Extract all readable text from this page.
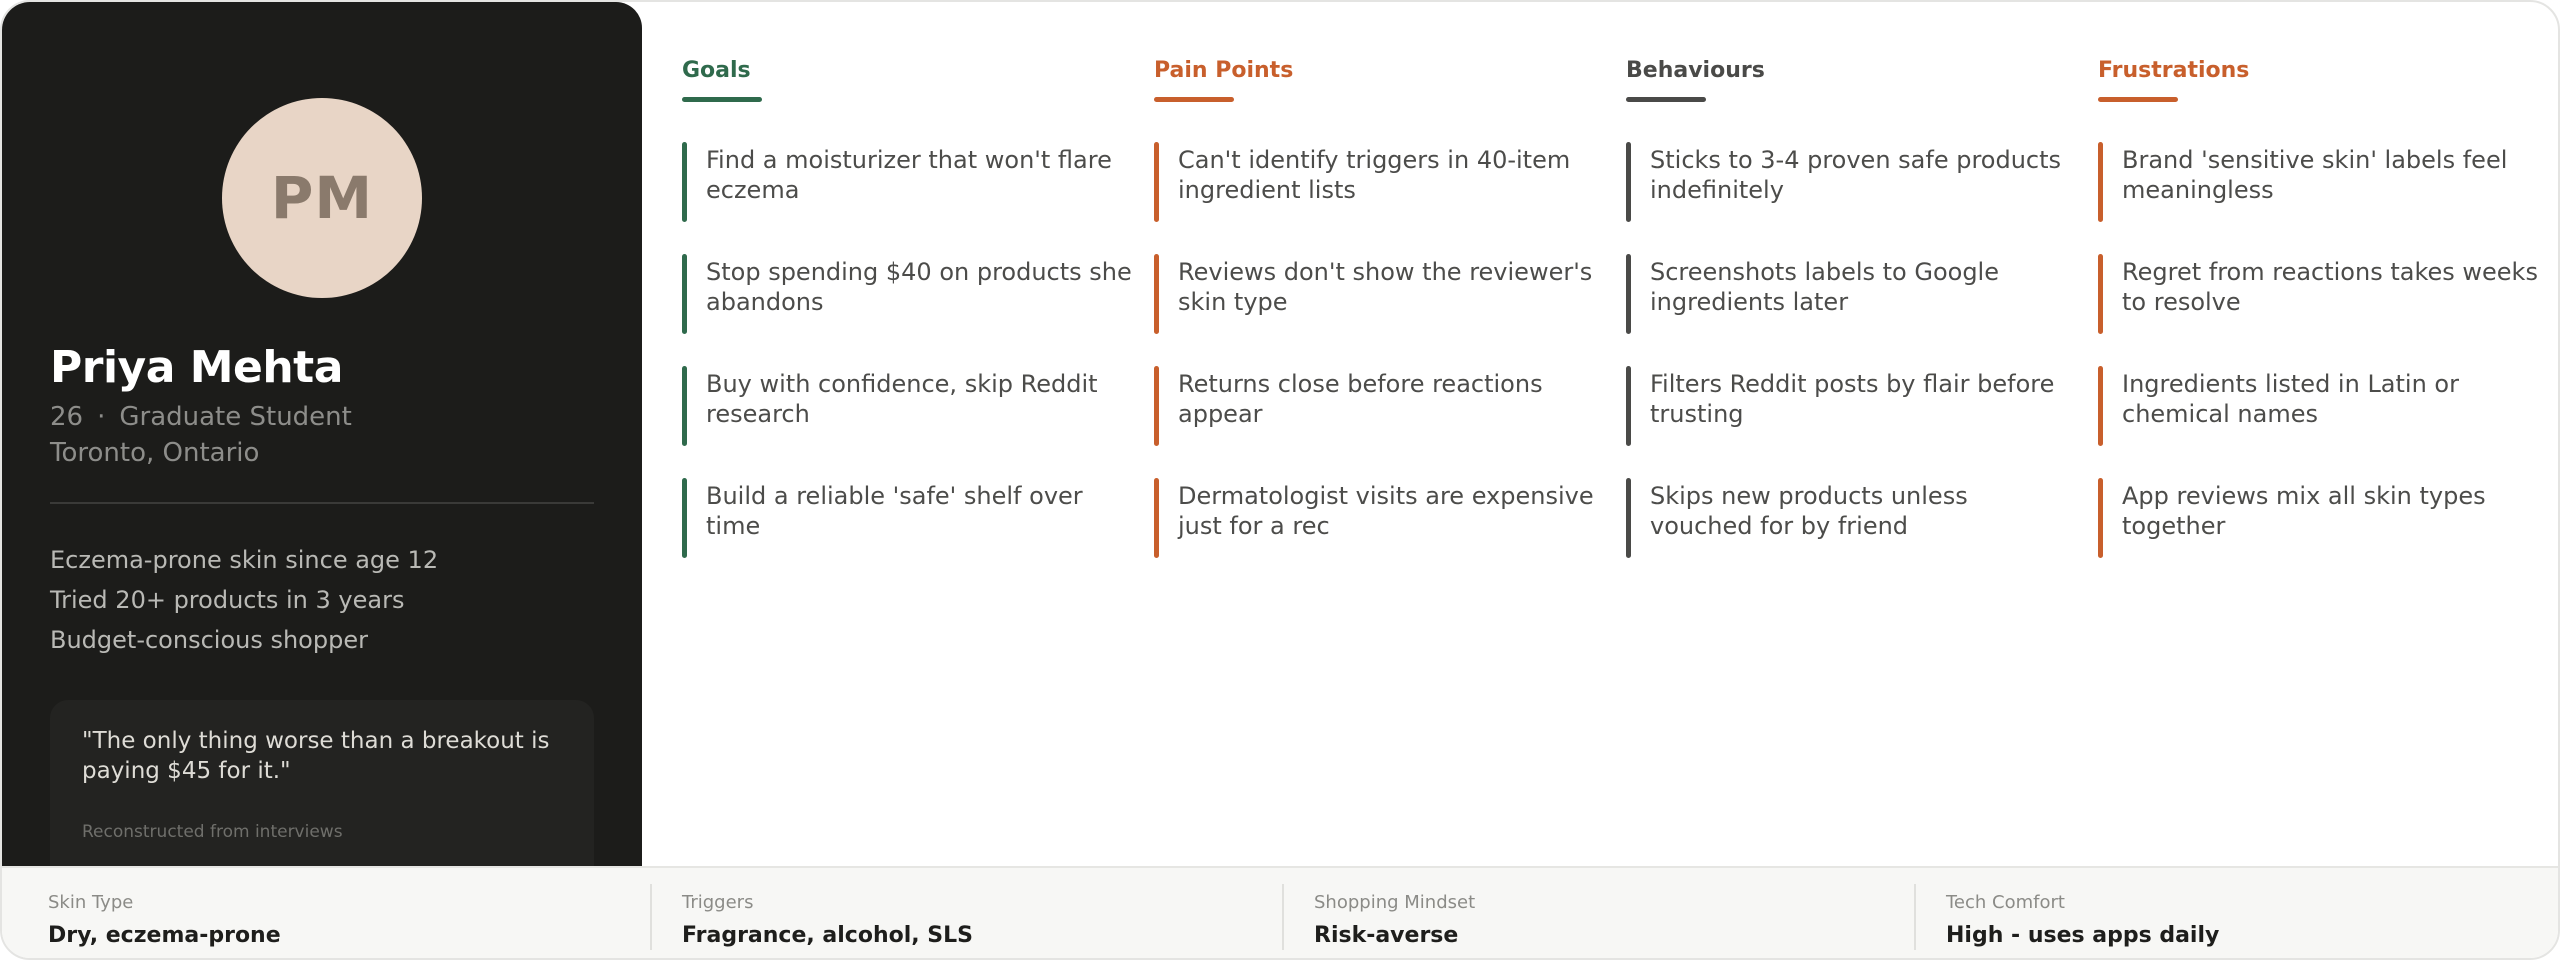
PM
Priya Mehta
26 · Graduate Student
Toronto, Ontario
Eczema-prone skin since age 12
Tried 20+ products in 3 years
Budget-conscious shopper

"The only thing worse than a breakout is paying $45 for it."

Reconstructed from interviews
Goals
Find a moisturizer that won't flare eczema
Stop spending $40 on products she abandons
Buy with confidence, skip Reddit research
Build a reliable 'safe' shelf over time
Pain Points
Can't identify triggers in 40-item ingredient lists
Reviews don't show the reviewer's skin type
Returns close before reactions appear
Dermatologist visits are expensive just for a rec
Behaviours
Sticks to 3-4 proven safe products indefinitely
Screenshots labels to Google ingredients later
Filters Reddit posts by flair before trusting
Skips new products unless vouched for by friend
Frustrations
Brand 'sensitive skin' labels feel meaningless
Regret from reactions takes weeks to resolve
Ingredients listed in Latin or chemical names
App reviews mix all skin types together
Skin Type
Dry, eczema-prone
Triggers
Fragrance, alcohol, SLS
Shopping Mindset
Risk-averse
Tech Comfort
High - uses apps daily
